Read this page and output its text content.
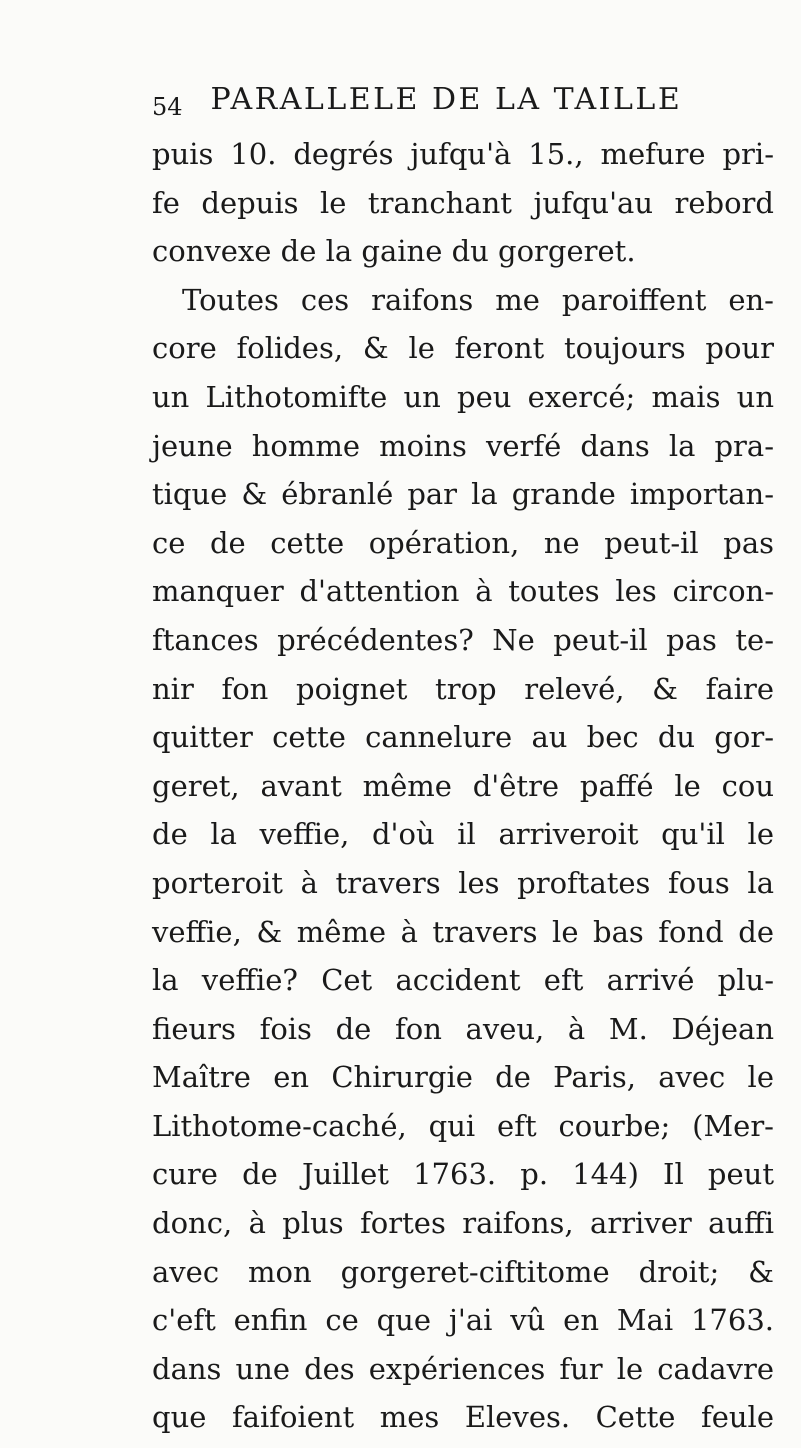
54 PARALLELE DE LA TAILLE
puis 10. degrés jufqu'à 15., mefure pri-
fe depuis le tranchant jufqu'au rebord
convexe de la gaine du gorgeret.
Toutes ces raifons me paroiffent en-
core folides, & le feront toujours pour
un Lithotomifte un peu exercé; mais un
jeune homme moins verfé dans la pra-
tique & ébranlé par la grande importan-
ce de cette opération, ne peut-il pas
manquer d'attention à toutes les circon-
ftances précédentes? Ne peut-il pas te-
nir fon poignet trop relevé, & faire
quitter cette cannelure au bec du gor-
geret, avant même d'être paffé le cou
de la veffie, d'où il arriveroit qu'il le
porteroit à travers les proftates fous la
veffie, & même à travers le bas fond de
la veffie? Cet accident eft arrivé plu-
fieurs fois de fon aveu, à M. Déjean
Maître en Chirurgie de Paris, avec le
Lithotome-caché, qui eft courbe; (Mer-
cure de Juillet 1763. p. 144) Il peut
donc, à plus fortes raifons, arriver auffi
avec mon gorgeret-ciftitome droit; &
c'eft enfin ce que j'ai vû en Mai 1763.
dans une des expériences fur le cadavre
que faifoient mes Eleves. Cette feule
